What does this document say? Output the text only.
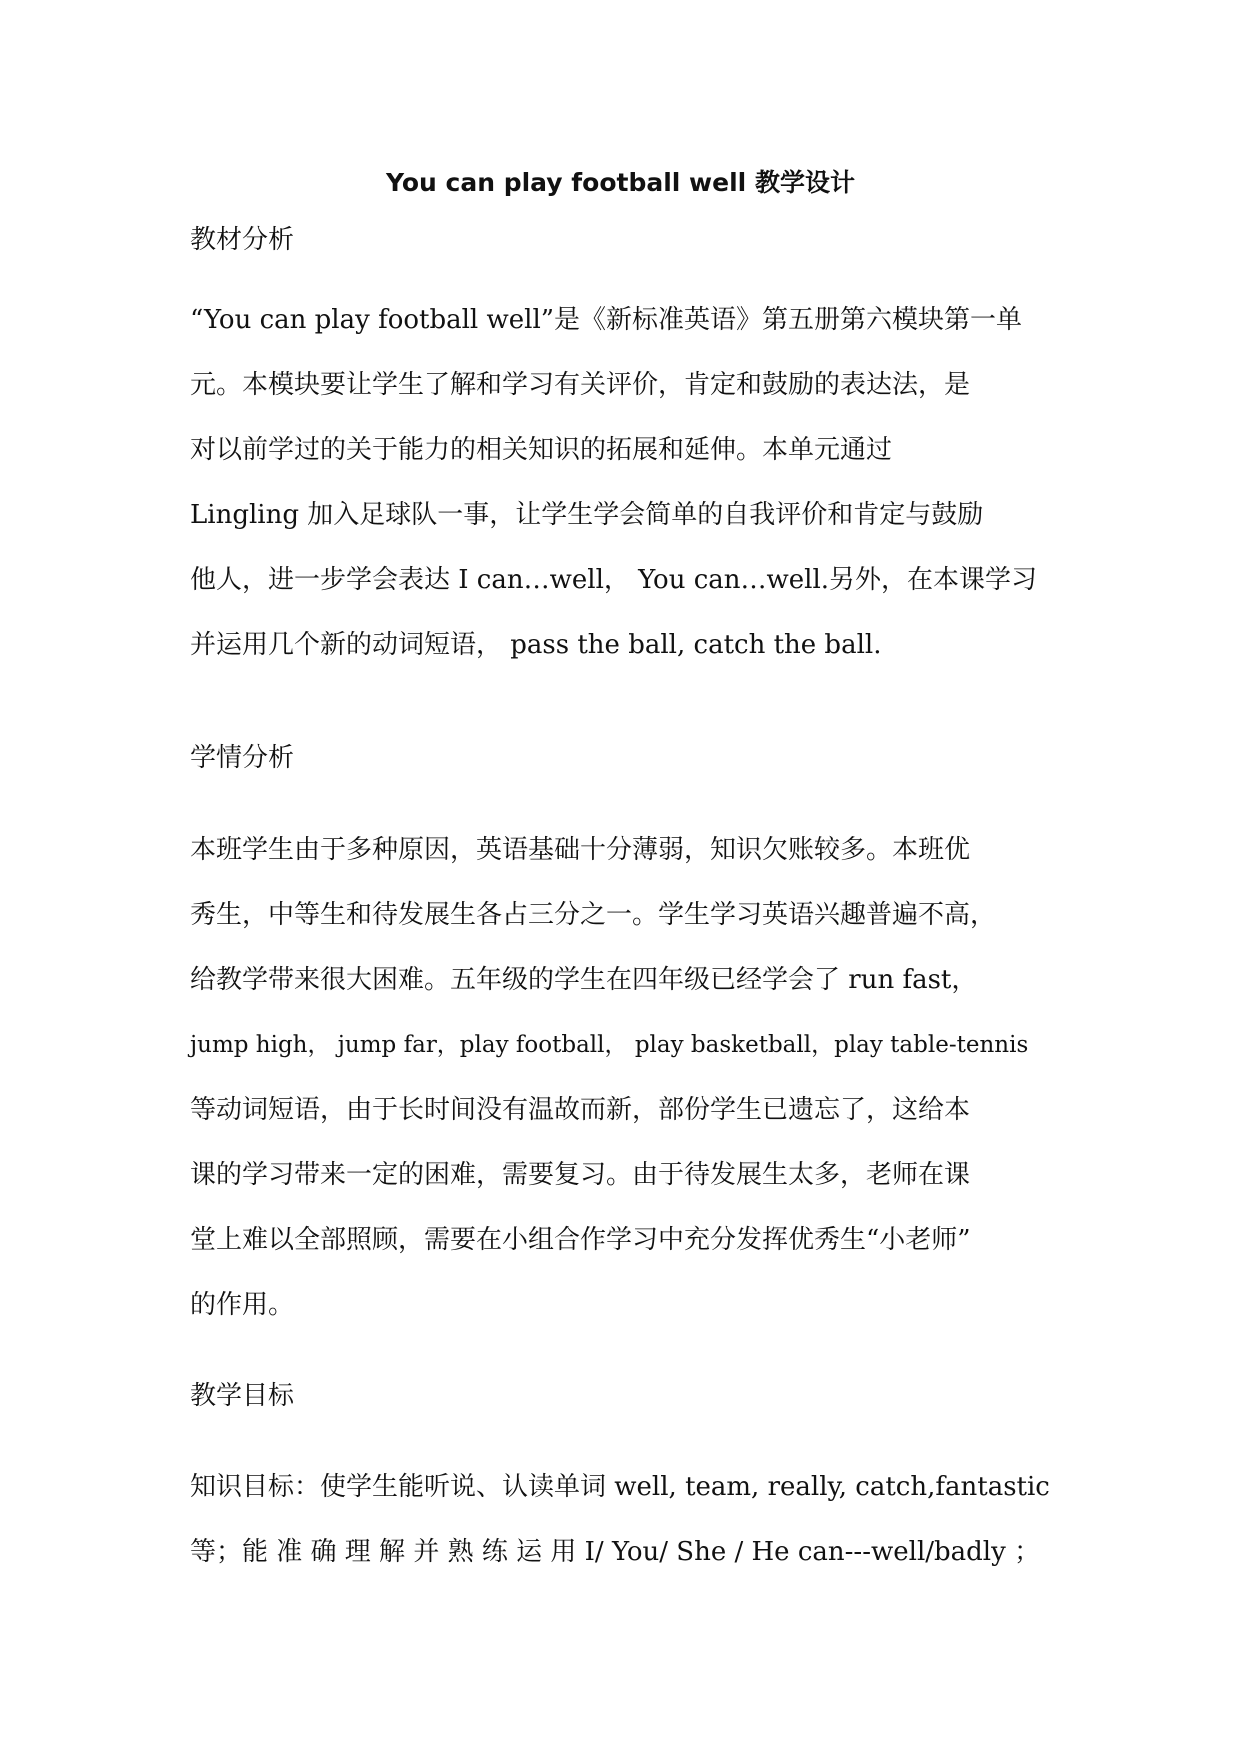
You can play football well 教学设计
教材分析

“You can play football well”是《新标准英语》第五册第六模块第一单

元。本模块要让学生了解和学习有关评价，肯定和鼓励的表达法，是

对以前学过的关于能力的相关知识的拓展和延伸。本单元通过

Lingling 加入足球队一事，让学生学会简单的自我评价和肯定与鼓励

他人，进一步学会表达 I can…well， You can…well.另外，在本课学习

并运用几个新的动词短语， pass the ball, catch the ball.

学情分析

本班学生由于多种原因，英语基础十分薄弱，知识欠账较多。本班优

秀生，中等生和待发展生各占三分之一。学生学习英语兴趣普遍不高，

给教学带来很大困难。五年级的学生在四年级已经学会了 run fast，

jump high， jump far，play football， play basketball，play table-tennis

等动词短语，由于长时间没有温故而新，部份学生已遗忘了，这给本

课的学习带来一定的困难，需要复习。由于待发展生太多，老师在课

堂上难以全部照顾，需要在小组合作学习中充分发挥优秀生“小老师”

的作用。

教学目标

知识目标：使学生能听说、认读单词 well, team, really, catch,fantastic

等；能 准 确 理 解 并 熟 练 运 用 I/ You/ She / He can---well/badly ；
